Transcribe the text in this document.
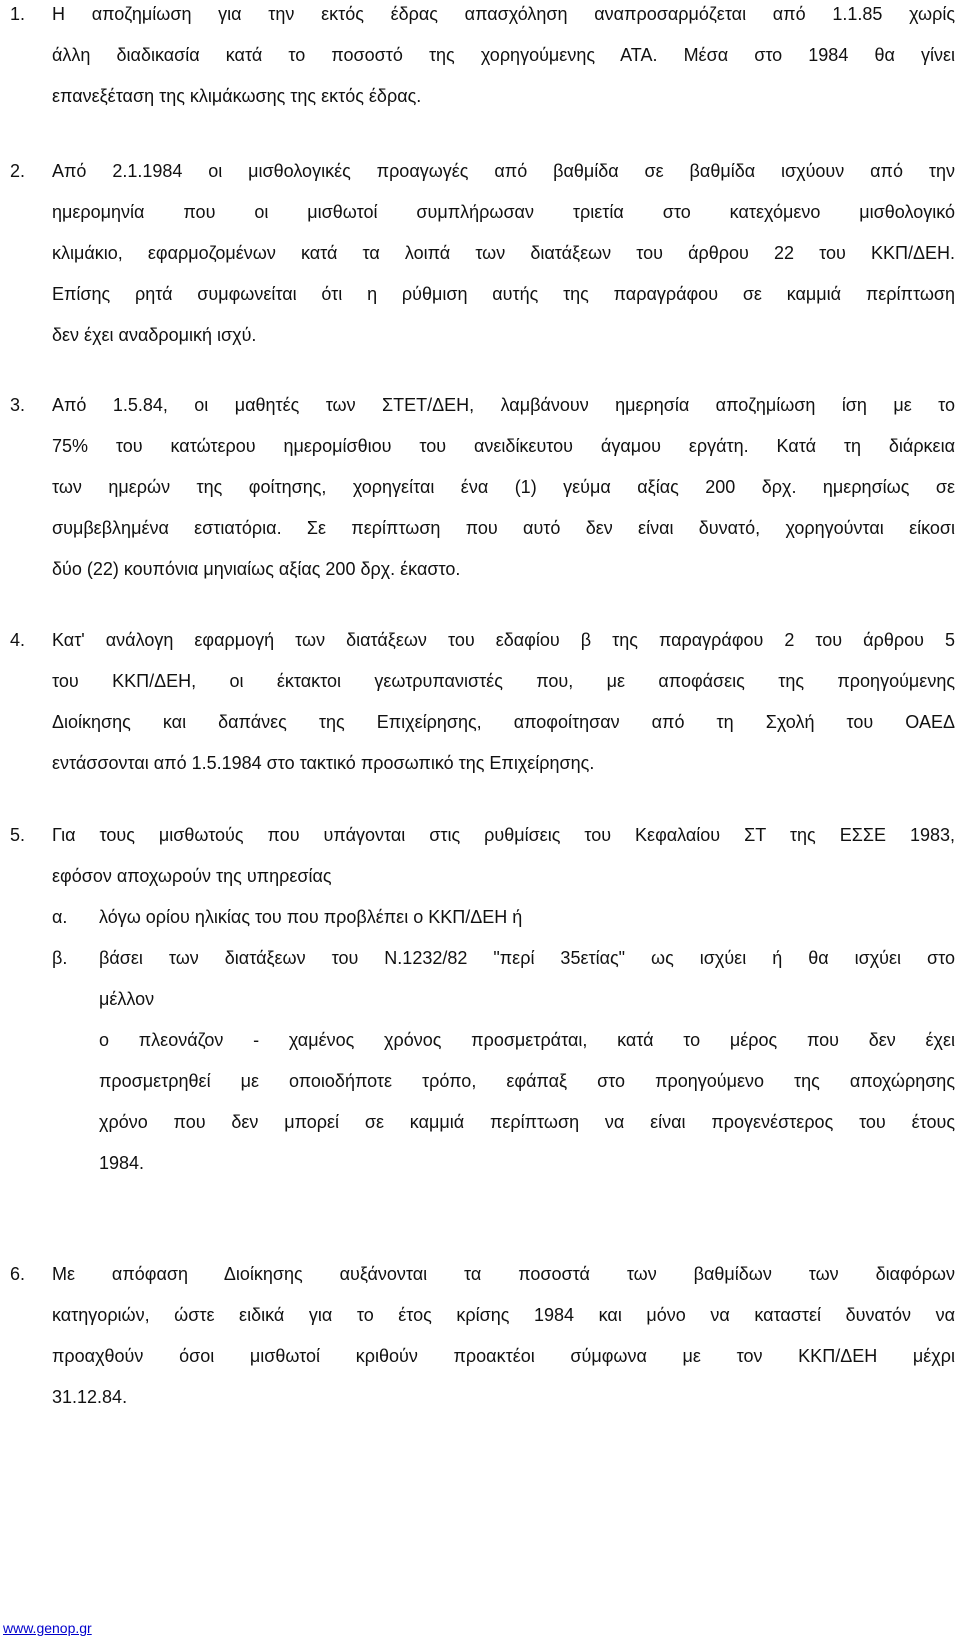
1.	Η αποζημίωση για την εκτός έδρας απασχόληση αναπροσαρμόζεται από 1.1.85 χωρίς
άλλη διαδικασία κατά το ποσοστό της χορηγούμενης ΑΤΑ. Μέσα στο 1984 θα γίνει
επανεξέταση της κλιμάκωσης της εκτός έδρας.
2.	Από 2.1.1984 οι μισθολογικές προαγωγές από βαθμίδα σε βαθμίδα ισχύουν από την
ημερομηνία που οι μισθωτοί συμπλήρωσαν τριετία στο κατεχόμενο μισθολογικό
κλιμάκιο, εφαρμοζομένων κατά τα λοιπά των διατάξεων του άρθρου 22 του ΚΚΠ/ΔΕΗ.
Επίσης ρητά συμφωνείται ότι η ρύθμιση αυτής της παραγράφου σε καμμιά περίπτωση
δεν έχει αναδρομική ισχύ.
3.	Από 1.5.84, οι μαθητές των ΣΤΕΤ/ΔΕΗ, λαμβάνουν ημερησία αποζημίωση ίση με το
75% του κατώτερου ημερομίσθιου του ανειδίκευτου άγαμου εργάτη. Κατά τη διάρκεια
των ημερών της φοίτησης, χορηγείται ένα (1) γεύμα αξίας 200 δρχ. ημερησίως σε
συμβεβλημένα εστιατόρια. Σε περίπτωση που αυτό δεν είναι δυνατό, χορηγούνται είκοσι
δύο (22) κουπόνια μηνιαίως αξίας 200 δρχ. έκαστο.
4.	Κατ' ανάλογη εφαρμογή των διατάξεων του εδαφίου β της παραγράφου 2 του άρθρου 5
του ΚΚΠ/ΔΕΗ, οι έκτακτοι γεωτρυπανιστές που, με αποφάσεις της προηγούμενης
Διοίκησης και δαπάνες της Επιχείρησης, αποφοίτησαν από τη Σχολή του ΟΑΕΔ
εντάσσονται από 1.5.1984 στο τακτικό προσωπικό της Επιχείρησης.
5.	Για τους μισθωτούς που υπάγονται στις ρυθμίσεις του Κεφαλαίου ΣΤ της ΕΣΣΕ 1983,
εφόσον αποχωρούν της υπηρεσίας
α.	λόγω ορίου ηλικίας του που προβλέπει ο ΚΚΠ/ΔΕΗ ή
β.	βάσει των διατάξεων του Ν.1232/82 "περί 35ετίας" ως ισχύει ή θα ισχύει στο
μέλλον
ο πλεονάζον - χαμένος χρόνος προσμετράται, κατά το μέρος που δεν έχει
προσμετρηθεί με οποιοδήποτε τρόπο, εφάπαξ στο προηγούμενο της αποχώρησης
χρόνο που δεν μπορεί σε καμμιά περίπτωση να είναι προγενέστερος του έτους
1984.
6.	Με απόφαση Διοίκησης αυξάνονται τα ποσοστά των βαθμίδων των διαφόρων
κατηγοριών, ώστε ειδικά για το έτος κρίσης 1984 και μόνο να καταστεί δυνατόν να
προαχθούν όσοι μισθωτοί κριθούν προακτέοι σύμφωνα με τον ΚΚΠ/ΔΕΗ μέχρι
31.12.84.
www.genop.gr
